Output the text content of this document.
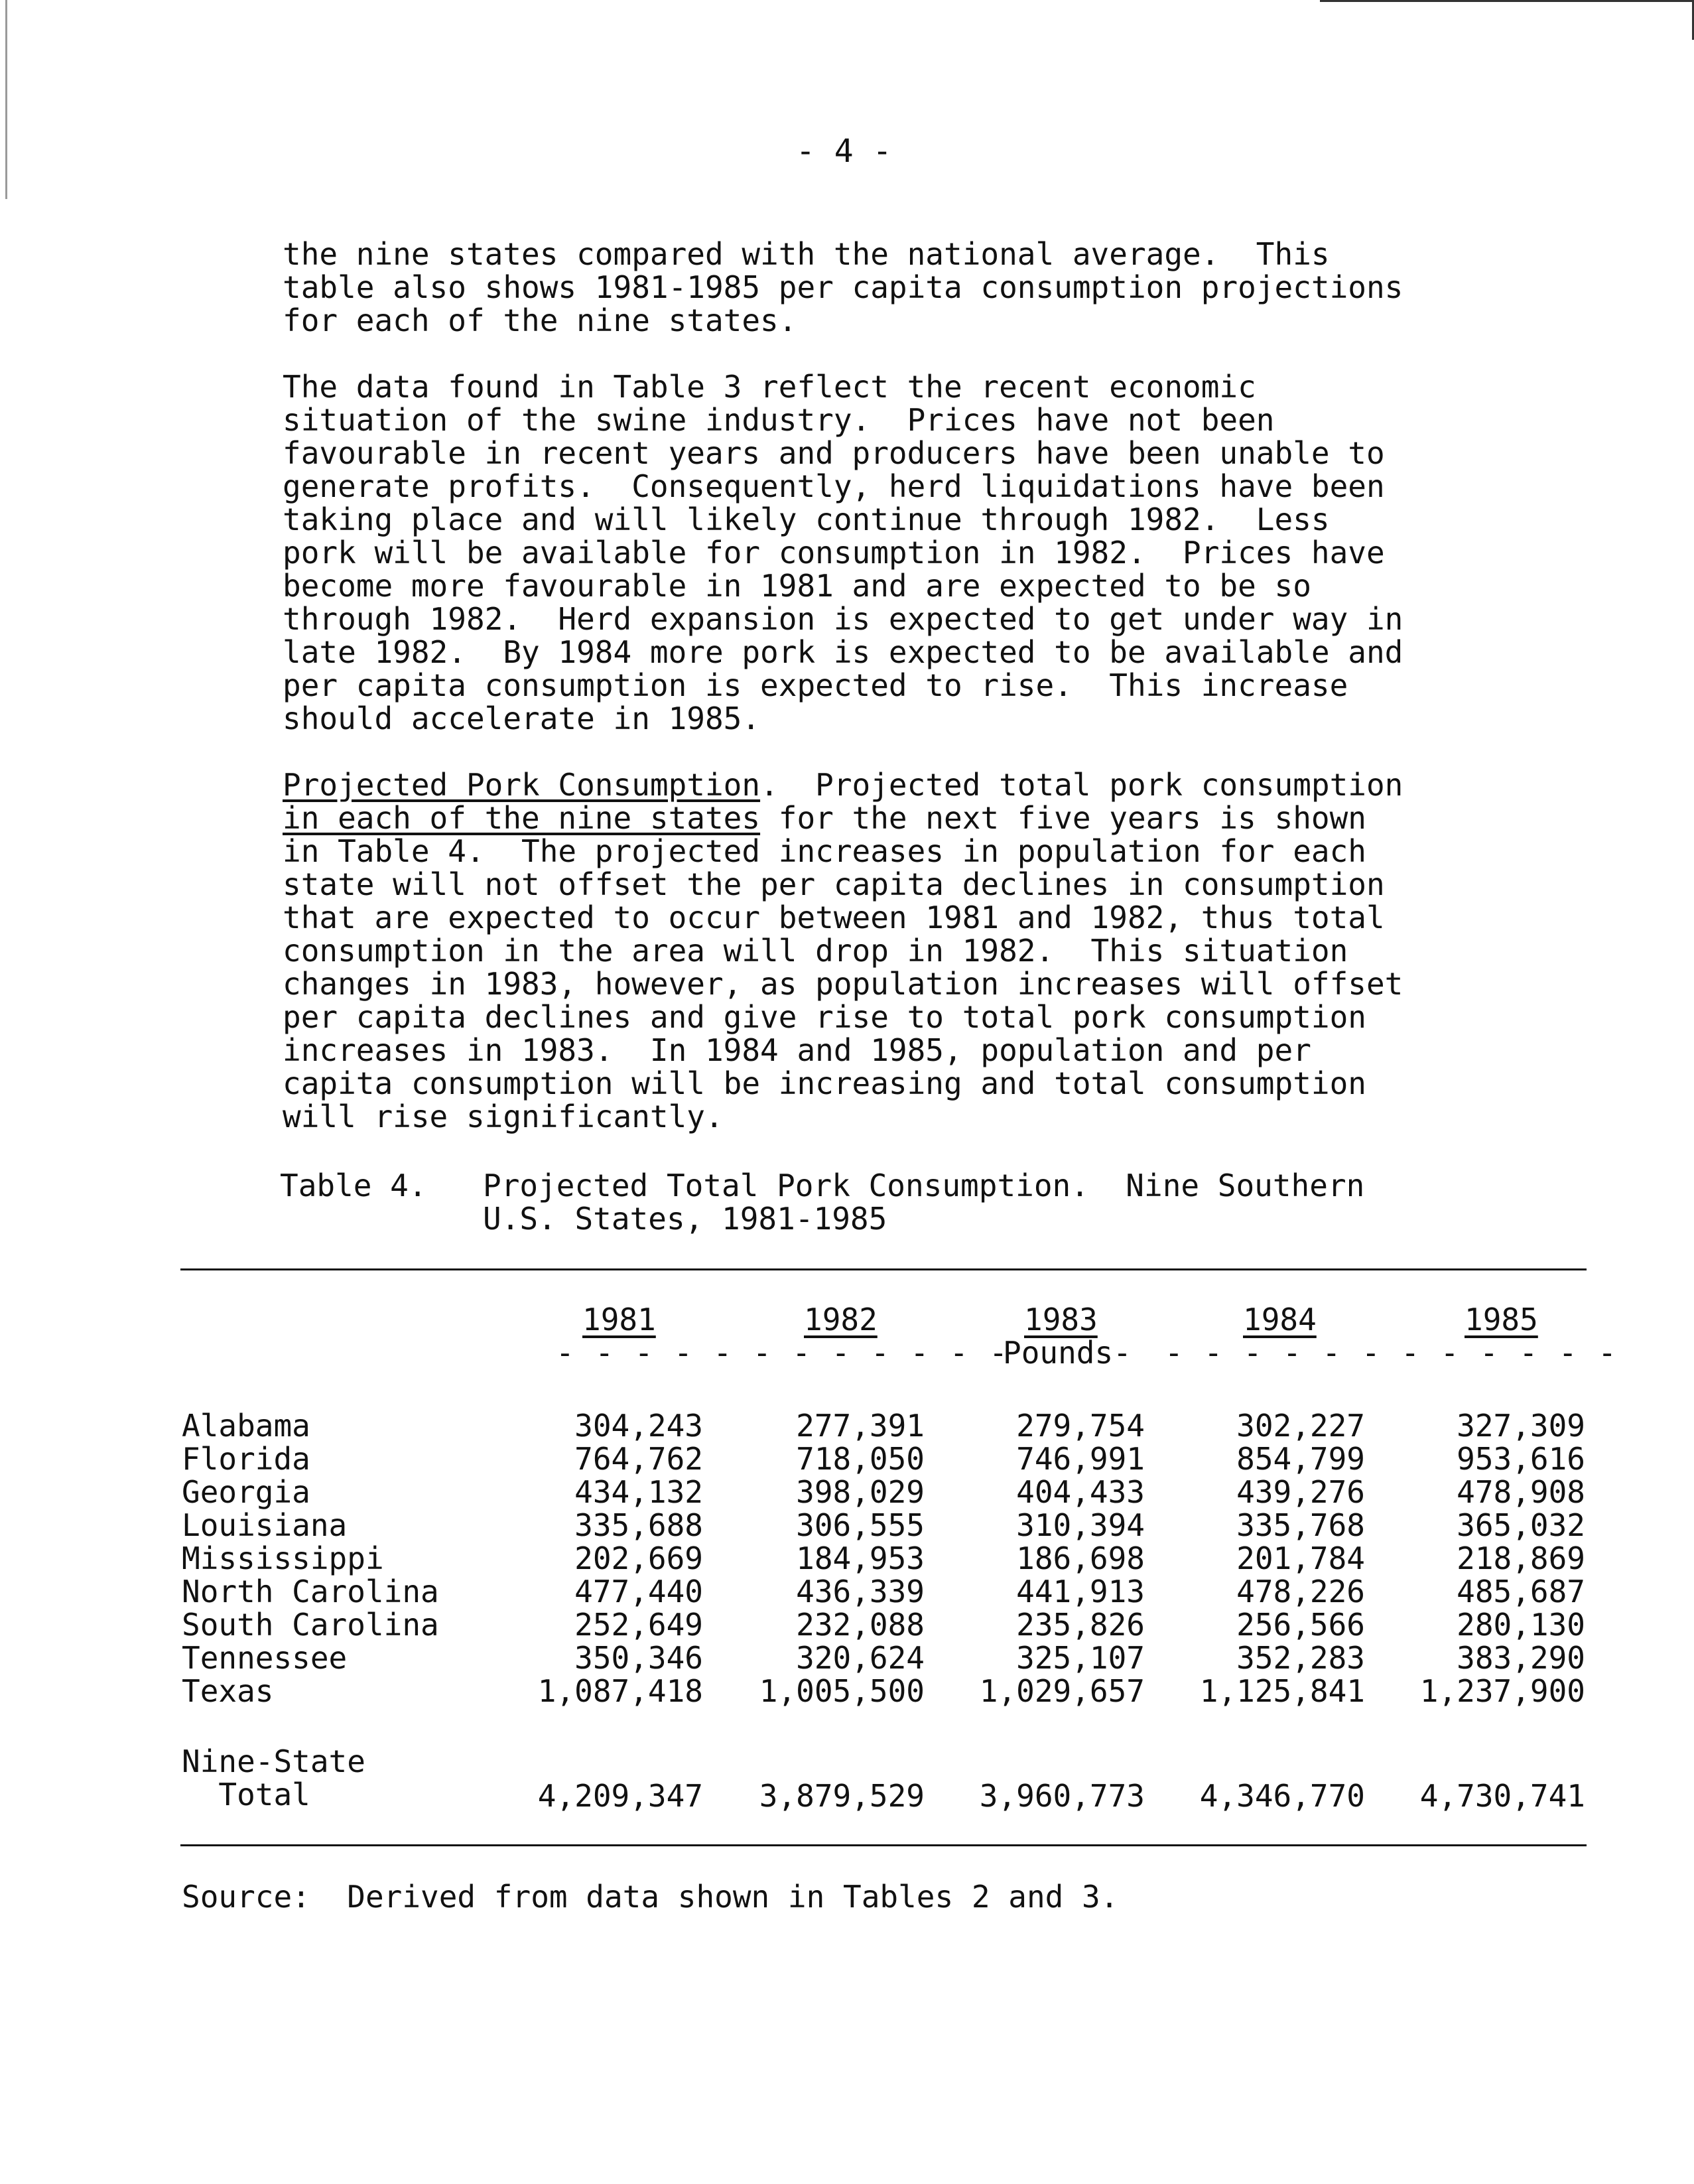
- 4 -
the nine states compared with the national average.  This
table also shows 1981-1985 per capita consumption projections
for each of the nine states.
The data found in Table 3 reflect the recent economic
situation of the swine industry.  Prices have not been
favourable in recent years and producers have been unable to
generate profits.  Consequently, herd liquidations have been
taking place and will likely continue through 1982.  Less
pork will be available for consumption in 1982.  Prices have
become more favourable in 1981 and are expected to be so
through 1982.  Herd expansion is expected to get under way in
late 1982.  By 1984 more pork is expected to be available and
per capita consumption is expected to rise.  This increase
should accelerate in 1985.
Projected Pork Consumption.  Projected total pork consumption
in each of the nine states for the next five years is shown
in Table 4.  The projected increases in population for each
state will not offset the per capita declines in consumption
that are expected to occur between 1981 and 1982, thus total
consumption in the area will drop in 1982.  This situation
changes in 1983, however, as population increases will offset
per capita declines and give rise to total pork consumption
increases in 1983.  In 1984 and 1985, population and per
capita consumption will be increasing and total consumption
will rise significantly.
Table 4. Projected Total Pork Consumption.  Nine Southern
U.S. States, 1981-1985
1981	1982	1983	1984	1985
- - - - - - - - - - - -
Pounds- - - - - - - - - - - - -
Alabama	304,243	277,391	279,754	302,227	327,309
Florida	764,762	718,050	746,991	854,799	953,616
Georgia	434,132	398,029	404,433	439,276	478,908
Louisiana	335,688	306,555	310,394	335,768	365,032
Mississippi	202,669	184,953	186,698	201,784	218,869
North Carolina	477,440	436,339	441,913	478,226	485,687
South Carolina	252,649	232,088	235,826	256,566	280,130
Tennessee	350,346	320,624	325,107	352,283	383,290
Texas	1,087,418	1,005,500	1,029,657	1,125,841	1,237,900
Nine-State
Total	4,209,347	3,879,529	3,960,773	4,346,770	4,730,741
Source:  Derived from data shown in Tables 2 and 3.
